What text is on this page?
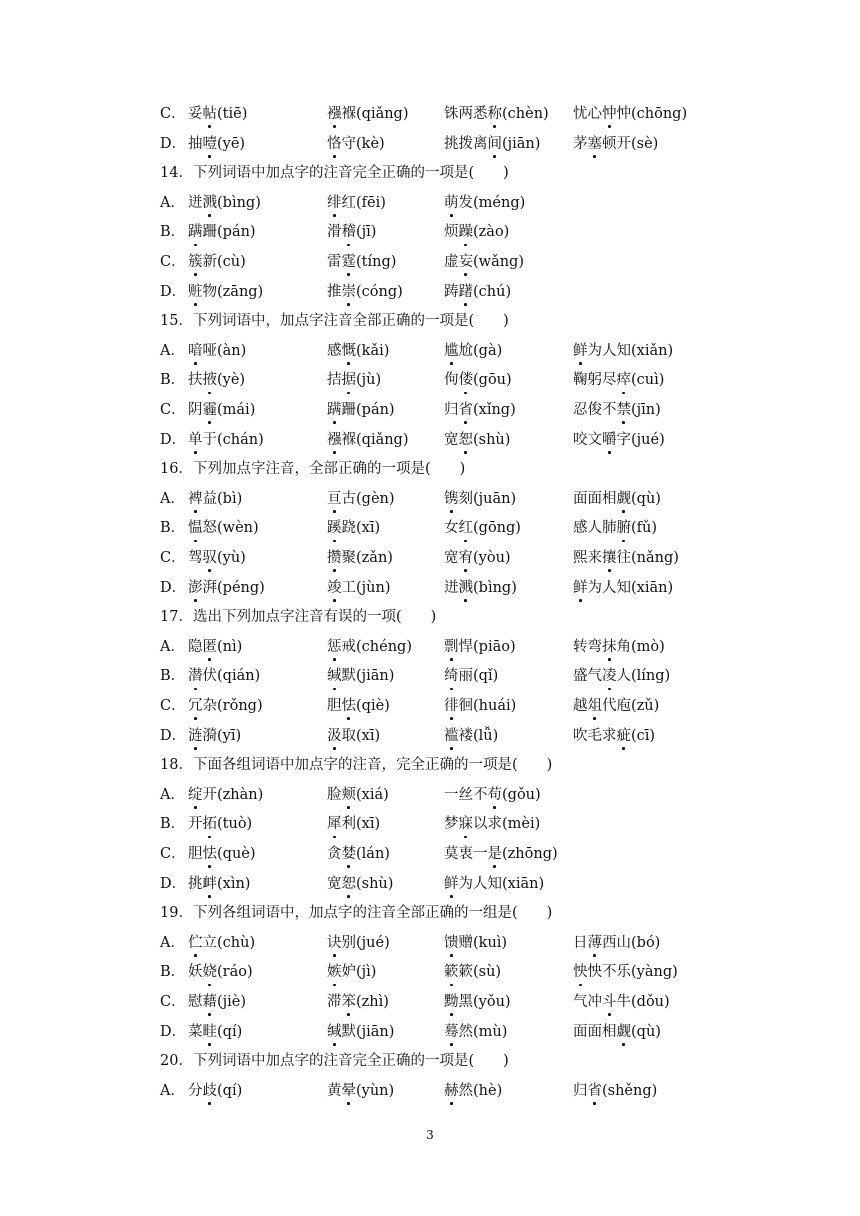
C． 妥帖(tiē)	襁褓(qiǎng) 铢两悉称(chèn) 忧心忡忡(chōng)
D． 抽噎(yē)	恪守(kè)	挑拨离间(jiān) 茅塞顿开(sè)
14．下列词语中加点字的注音完全正确的一项是(　　)
A． 迸溅(bìng)	绯红(fēi)	萌发(méng)
B． 蹒跚(pán)	滑稽(jī)	烦躁(zào)
C． 簇新(cù)	雷霆(tíng)	虚妄(wǎng)
D． 赃物(zāng)	推崇(cóng)	踌躇(chú)
15．下列词语中，加点字注音全部正确的一项是(　　)
A． 喑哑(àn)	感慨(kǎi)	尴尬(gà)	鲜为人知(xiǎn)
B． 扶掖(yè)	拮据(jù)	佝偻(gōu)	鞠躬尽瘁(cuì)
C． 阴霾(mái)	蹒跚(pán)	归省(xǐng)	忍俊不禁(jīn)
D． 单于(chán)	襁褓(qiǎng) 宽恕(shù)	咬文嚼字(jué)
16．下列加点字注音，全部正确的一项是(　　)
A． 裨益(bì)	亘古(gèn)	镌刻(juān)	面面相觑(qù)
B． 愠怒(wèn)	蹊跷(xī)	女红(gōng)	感人肺腑(fǔ)
C． 驾驭(yù)	攒聚(zǎn)	宽宥(yòu)	熙来攘往(nǎng)
D． 澎湃(péng)	竣工(jùn)	迸溅(bìng)	鲜为人知(xiān)
17．选出下列加点字注音有误的一项(　　)
A． 隐匿(nì)	惩戒(chéng) 剽悍(piāo)	转弯抹角(mò)
B． 潜伏(qián)	缄默(jiān)	绮丽(qǐ)	盛气凌人(líng)
C． 冗杂(rǒng)	胆怯(qiè)	徘徊(huái)	越俎代庖(zǔ)
D． 涟漪(yī)	汲取(xī)	褴褛(lǚ)	吹毛求疵(cī)
18．下面各组词语中加点字的注音，完全正确的一项是(　　)
A． 绽开(zhàn)	脸颊(xiá)	一丝不苟(gǒu)
B． 开拓(tuò)	犀利(xī)	梦寐以求(mèi)
C． 胆怯(què)	贪婪(lán)	莫衷一是(zhōng)
D． 挑衅(xìn)	宽恕(shù)	鲜为人知(xiān)
19．下列各组词语中，加点字的注音全部正确的一组是(　　)
A． 伫立(chù)	诀别(jué)	馈赠(kuì)	日薄西山(bó)
B． 妖娆(ráo)	嫉妒(jì)	簌簌(sù)	怏怏不乐(yàng)
C． 慰藉(jiè)	滞笨(zhì)	黝黑(yǒu)	气冲斗牛(dǒu)
D． 菜畦(qí)	缄默(jiān)	蓦然(mù)	面面相觑(qù)
20．下列词语中加点字的注音完全正确的一项是(　　)
A． 分歧(qí)	黄晕(yùn)	赫然(hè)	归省(shěng)
3
